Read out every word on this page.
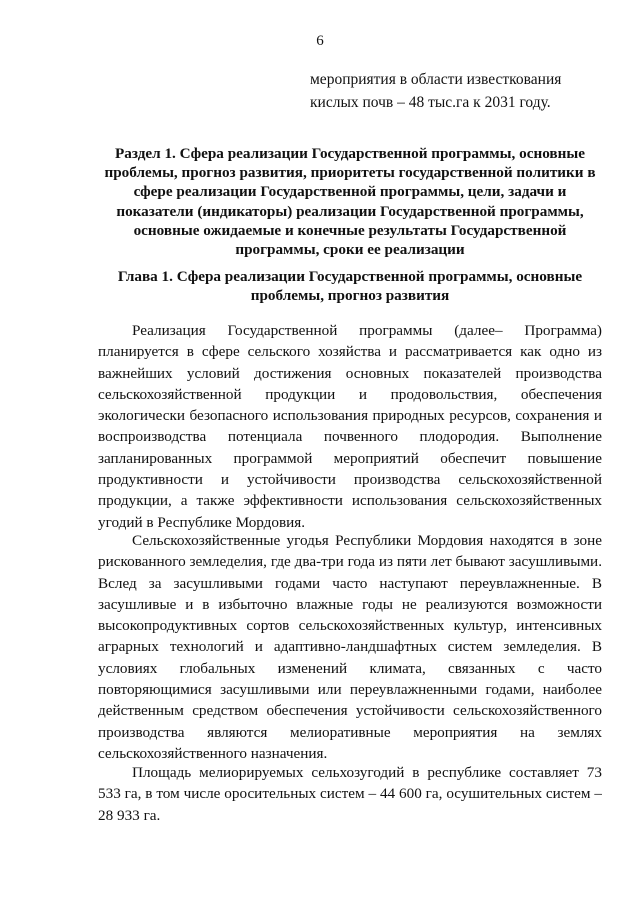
6
мероприятия в области известкования
кислых почв – 48 тыс.га к 2031 году.
Раздел 1. Сфера реализации Государственной программы, основные
проблемы, прогноз развития, приоритеты государственной политики в
сфере реализации Государственной программы, цели, задачи и
показатели (индикаторы) реализации Государственной программы,
основные ожидаемые и конечные результаты Государственной
программы, сроки ее реализации
Глава 1. Сфера реализации Государственной программы, основные
проблемы, прогноз развития
Реализация Государственной программы (далее– Программа)
планируется в сфере сельского хозяйства и рассматривается как одно из
важнейших условий достижения основных показателей производства
сельскохозяйственной продукции и продовольствия, обеспечения
экологически безопасного использования природных ресурсов, сохранения и
воспроизводства потенциала почвенного плодородия. Выполнение
запланированных программой мероприятий обеспечит повышение
продуктивности и устойчивости производства сельскохозяйственной
продукции, а также эффективности использования сельскохозяйственных
угодий в Республике Мордовия.
Сельскохозяйственные угодья Республики Мордовия находятся в зоне
рискованного земледелия, где два-три года из пяти лет бывают засушливыми.
Вслед за засушливыми годами часто наступают переувлажненные. В
засушливые и в избыточно влажные годы не реализуются возможности
высокопродуктивных сортов сельскохозяйственных культур, интенсивных
аграрных технологий и адаптивно-ландшафтных систем земледелия. В
условиях глобальных изменений климата, связанных с часто
повторяющимися засушливыми или переувлажненными годами, наиболее
действенным средством обеспечения устойчивости сельскохозяйственного
производства являются мелиоративные мероприятия на землях
сельскохозяйственного назначения.
Площадь мелиорируемых сельхозугодий в республике составляет 73
533 га, в том числе оросительных систем – 44 600 га, осушительных систем –
28 933 га.
